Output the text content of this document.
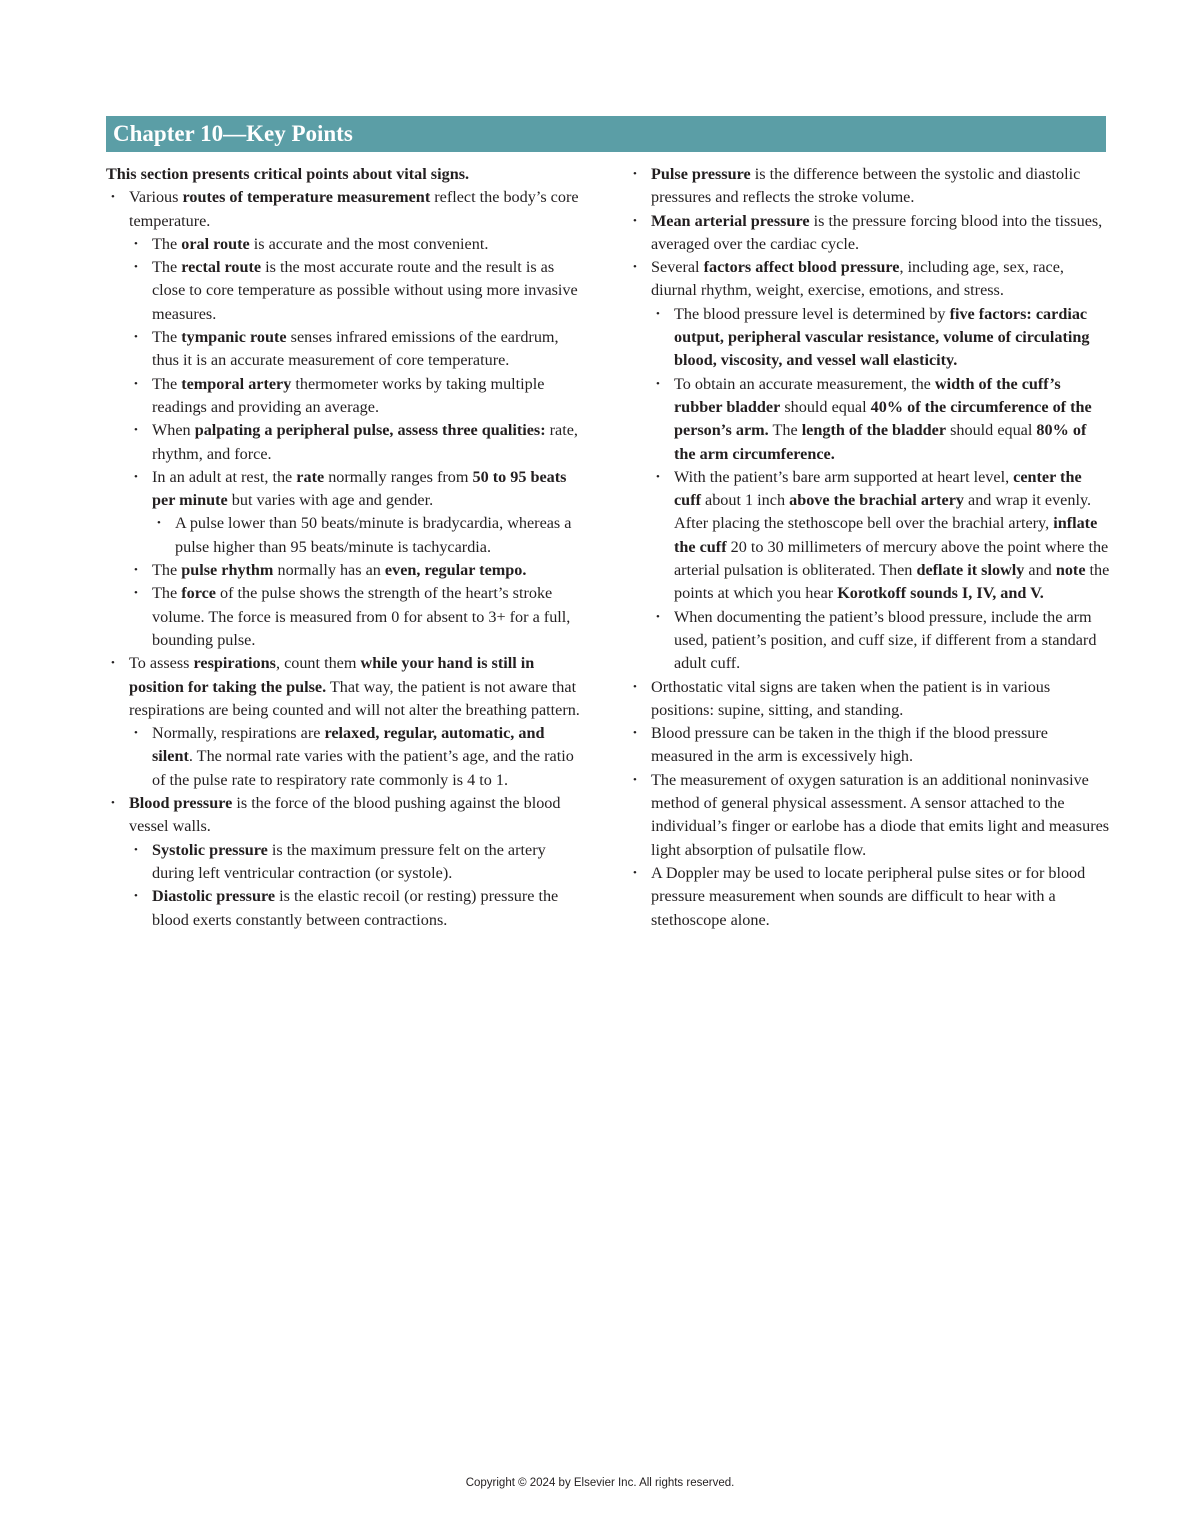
Chapter 10—Key Points

This section presents critical points about vital signs.

• Various routes of temperature measurement reflect the body’s core temperature.
• The oral route is accurate and the most convenient.
• The rectal route is the most accurate route and the result is as close to core temperature as possible without using more invasive measures.
• The tympanic route senses infrared emissions of the eardrum, thus it is an accurate measurement of core temperature.
• The temporal artery thermometer works by taking multiple readings and providing an average.
• When palpating a peripheral pulse, assess three qualities: rate, rhythm, and force.
• In an adult at rest, the rate normally ranges from 50 to 95 beats per minute but varies with age and gender.
• A pulse lower than 50 beats/minute is bradycardia, whereas a pulse higher than 95 beats/minute is tachycardia.
• The pulse rhythm normally has an even, regular tempo.
• The force of the pulse shows the strength of the heart’s stroke volume. The force is measured from 0 for absent to 3+ for a full, bounding pulse.
• To assess respirations, count them while your hand is still in position for taking the pulse. That way, the patient is not aware that respirations are being counted and will not alter the breathing pattern.
• Normally, respirations are relaxed, regular, automatic, and silent. The normal rate varies with the patient’s age, and the ratio of the pulse rate to respiratory rate commonly is 4 to 1.
• Blood pressure is the force of the blood pushing against the blood vessel walls.
• Systolic pressure is the maximum pressure felt on the artery during left ventricular contraction (or systole).
• Diastolic pressure is the elastic recoil (or resting) pressure the blood exerts constantly between contractions.
• Pulse pressure is the difference between the systolic and diastolic pressures and reflects the stroke volume.
• Mean arterial pressure is the pressure forcing blood into the tissues, averaged over the cardiac cycle.
• Several factors affect blood pressure, including age, sex, race, diurnal rhythm, weight, exercise, emotions, and stress.
• The blood pressure level is determined by five factors: cardiac output, peripheral vascular resistance, volume of circulating blood, viscosity, and vessel wall elasticity.
• To obtain an accurate measurement, the width of the cuff’s rubber bladder should equal 40% of the circumference of the person’s arm. The length of the bladder should equal 80% of the arm circumference.
• With the patient’s bare arm supported at heart level, center the cuff about 1 inch above the brachial artery and wrap it evenly. After placing the stethoscope bell over the brachial artery, inflate the cuff 20 to 30 millimeters of mercury above the point where the arterial pulsation is obliterated. Then deflate it slowly and note the points at which you hear Korotkoff sounds I, IV, and V.
• When documenting the patient’s blood pressure, include the arm used, patient’s position, and cuff size, if different from a standard adult cuff.
• Orthostatic vital signs are taken when the patient is in various positions: supine, sitting, and standing.
• Blood pressure can be taken in the thigh if the blood pressure measured in the arm is excessively high.
• The measurement of oxygen saturation is an additional noninvasive method of general physical assessment. A sensor attached to the individual’s finger or earlobe has a diode that emits light and measures light absorption of pulsatile flow.
• A Doppler may be used to locate peripheral pulse sites or for blood pressure measurement when sounds are difficult to hear with a stethoscope alone.
Copyright © 2024 by Elsevier Inc. All rights reserved.
